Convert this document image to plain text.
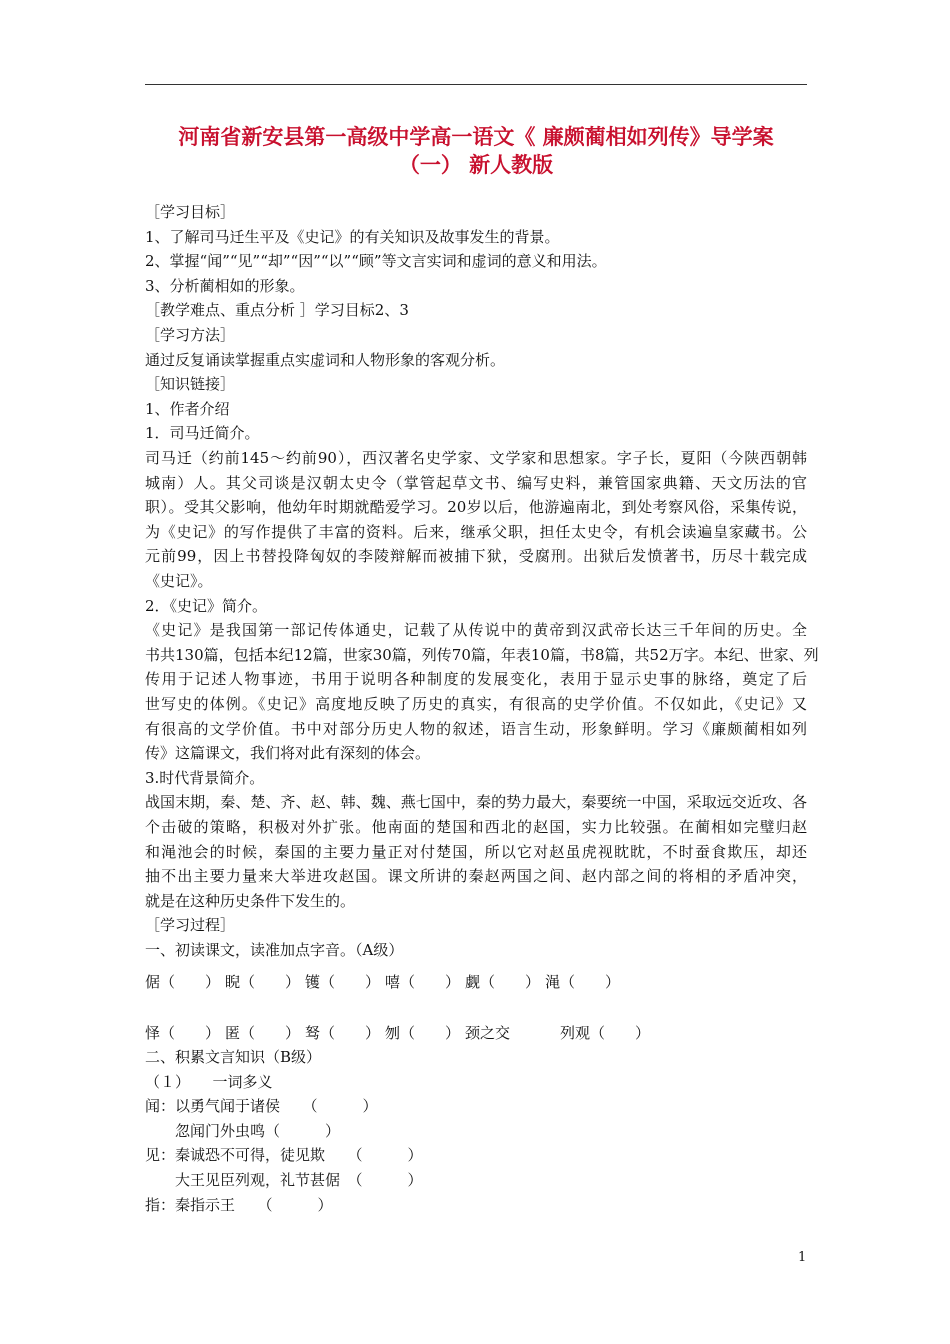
河南省新安县第一高级中学高一语文《 廉颇蔺相如列传》导学案
（一） 新人教版
［学习目标］
1、了解司马迁生平及《史记》的有关知识及故事发生的背景。
2、掌握“闻”“见”“却”“因”“以”“顾”等文言实词和虚词的意义和用法。
3、分析蔺相如的形象。
［教学难点、重点分析 ］学习目标2、3
［学习方法］
通过反复诵读掌握重点实虚词和人物形象的客观分析。
［知识链接］
1、作者介绍
1．司马迁简介。
司马迁（约前145～约前90），西汉著名史学家、文学家和思想家。字子长，夏阳（今陕西朝韩
城南）人。其父司谈是汉朝太史令（掌管起草文书、编写史料，兼管国家典籍、天文历法的官
职）。受其父影响，他幼年时期就酷爱学习。20岁以后，他游遍南北，到处考察风俗，采集传说，
为《史记》的写作提供了丰富的资料。后来，继承父职，担任太史令，有机会读遍皇家藏书。公
元前99，因上书替投降匈奴的李陵辩解而被捕下狱，受腐刑。出狱后发愤著书，历尽十载完成
《史记》。
2．《史记》简介。
《史记》是我国第一部记传体通史，记载了从传说中的黄帝到汉武帝长达三千年间的历史。全
书共130篇，包括本纪12篇，世家30篇，列传70篇，年表10篇，书8篇，共52万字。本纪、世家、列
传用于记述人物事迹，书用于说明各种制度的发展变化，表用于显示史事的脉络，奠定了后
世写史的体例。《史记》高度地反映了历史的真实，有很高的史学价值。不仅如此，《史记》又
有很高的文学价值。书中对部分历史人物的叙述，语言生动，形象鲜明。学习《廉颇蔺相如列
传》这篇课文，我们将对此有深刻的体会。
3.时代背景简介。
战国末期，秦、楚、齐、赵、韩、魏、燕七国中，秦的势力最大，秦要统一中国，采取远交近攻、各
个击破的策略，积极对外扩张。他南面的楚国和西北的赵国，实力比较强。在蔺相如完璧归赵
和渑池会的时候，秦国的主要力量正对付楚国，所以它对赵虽虎视眈眈，不时蚕食欺压，却还
抽不出主要力量来大举进攻赵国。课文所讲的秦赵两国之间、赵内部之间的将相的矛盾冲突，
就是在这种历史条件下发生的。
［学习过程］
一、初读课文，读准加点字音。（A级）
倨（　　） 睨（　　） 镬（　　） 嘻（　　） 觑（　　） 渑（　　）
怿（　　） 匿（　　） 驽（　　） 刎（　　） 颈之交	列观（　　）
二、积累文言知识（B级）
（１）　　一词多义
闻：以勇气闻于诸侯　　（　　　）
　　忽闻门外虫鸣（　　　）
见：秦诚恐不可得，徒见欺　　（　　　）
　　大王见臣列观，礼节甚倨　（　　　）
指：秦指示王　　（　　　）
1
